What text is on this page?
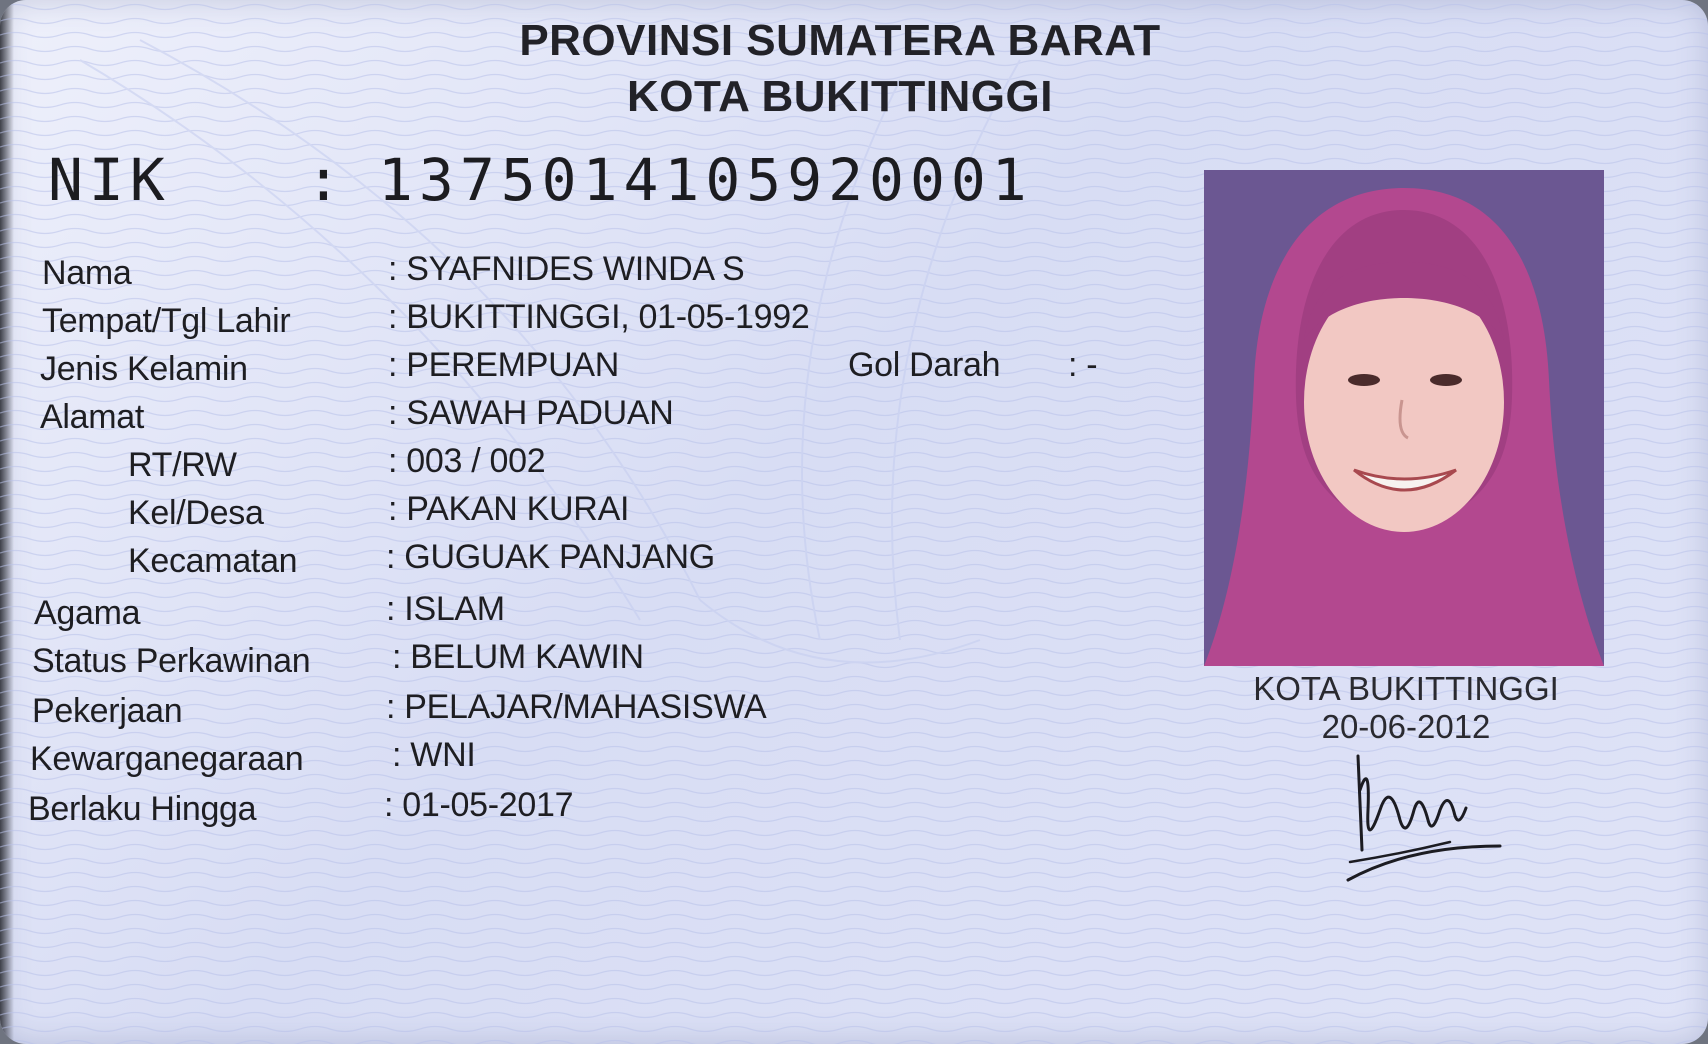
PROVINSI SUMATERA BARAT
KOTA BUKITTINGGI
NIK : 1375014105920001
Nama
Tempat/Tgl Lahir
Jenis Kelamin
Alamat
RT/RW
Kel/Desa
Kecamatan
Agama
Status Perkawinan
Pekerjaan
Kewarganegaraan
Berlaku Hingga
: SYAFNIDES WINDA S
: BUKITTINGGI, 01-05-1992
: PEREMPUAN	Gol Darah : -
: SAWAH PADUAN
: 003 / 002
: PAKAN KURAI
: GUGUAK PANJANG
: ISLAM
: BELUM KAWIN
: PELAJAR/MAHASISWA
: WNI
: 01-05-2017
KOTA BUKITTINGGI
20-06-2012
